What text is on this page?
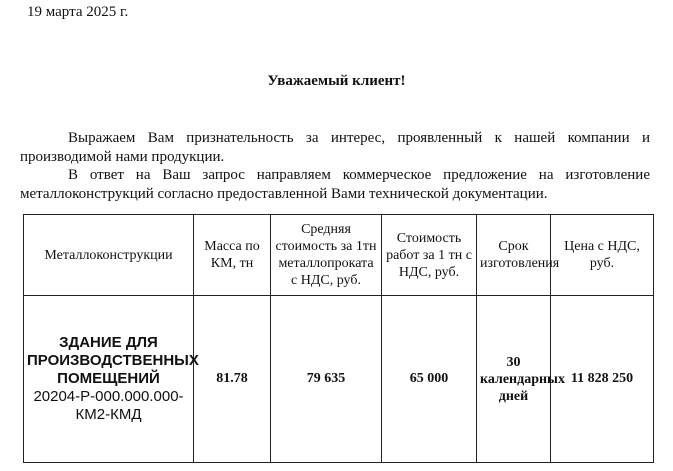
19 марта 2025 г.
Уважаемый клиент!

Выражаем Вам признательность за интерес, проявленный к нашей компании и производимой нами продукции.

В ответ на Ваш запрос направляем коммерческое предложение на изготовление металлоконструкций согласно предоставленной Вами технической документации.

Металлоконструкции	Масса по КМ, тн	Средняя стоимость за 1тн металлопроката с НДС, руб.	Стоимость работ за 1 тн с НДС, руб.	Срок изготовления	Цена с НДС, руб.

ЗДАНИЕ ДЛЯ ПРОИЗВОДСТВЕННЫХ ПОМЕЩЕНИЙ
20204-Р-000.000.000-КМ2-КМД	81.78	79 635	65 000	30 календарных дней	11 828 250
